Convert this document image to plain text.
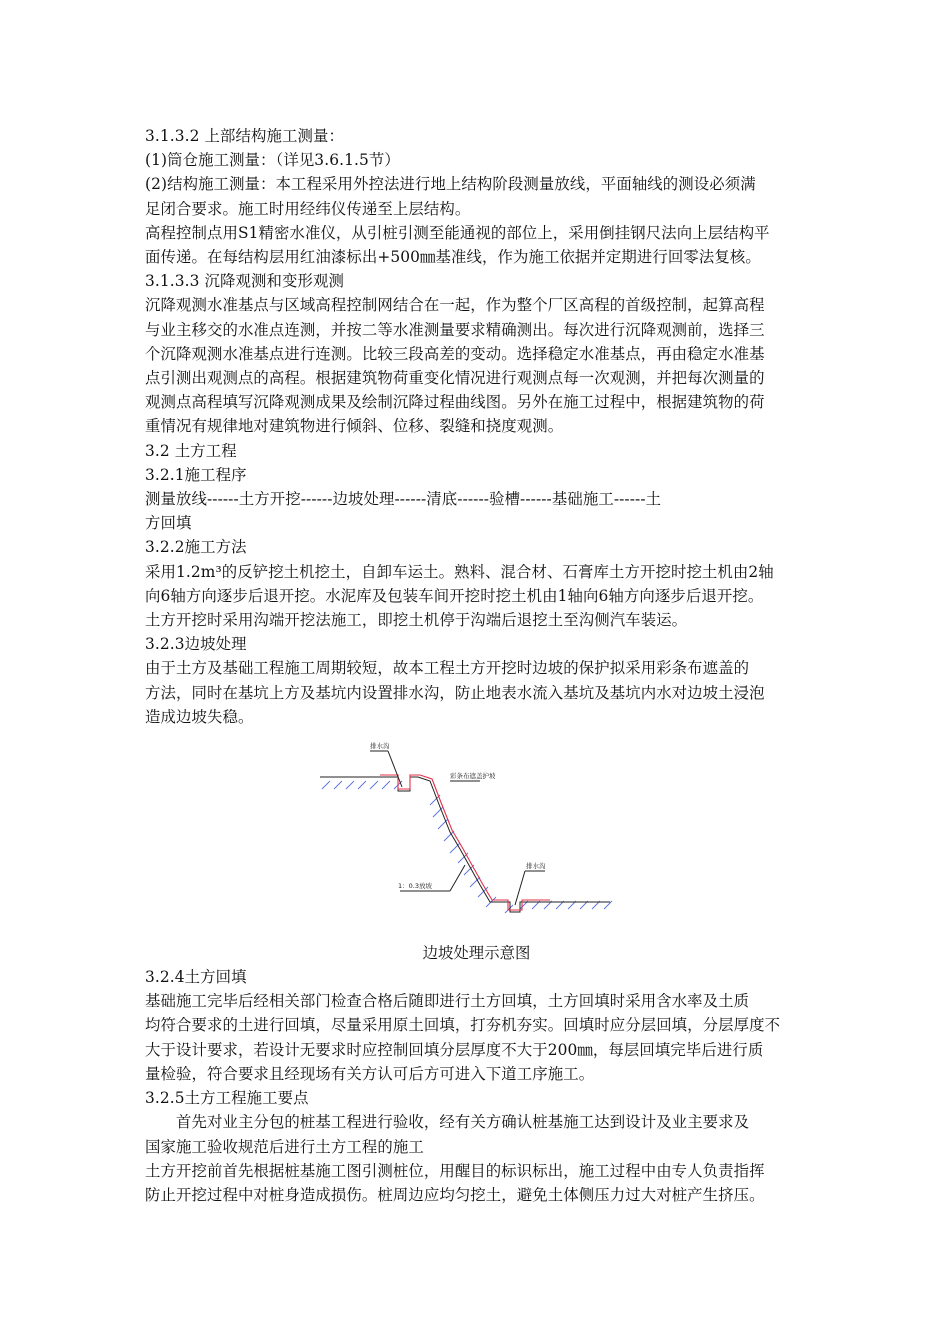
3.1.3.2 上部结构施工测量：
(1)筒仓施工测量：（详见3.6.1.5节）
(2)结构施工测量：本工程采用外控法进行地上结构阶段测量放线，平面轴线的测设必须满
足闭合要求。施工时用经纬仪传递至上层结构。
高程控制点用S1精密水准仪，从引桩引测至能通视的部位上，采用倒挂钢尺法向上层结构平
面传递。在每结构层用红油漆标出+500㎜基准线，作为施工依据并定期进行回零法复核。
3.1.3.3 沉降观测和变形观测
沉降观测水准基点与区域高程控制网结合在一起，作为整个厂区高程的首级控制，起算高程
与业主移交的水准点连测，并按二等水准测量要求精确测出。每次进行沉降观测前，选择三
个沉降观测水准基点进行连测。比较三段高差的变动。选择稳定水准基点，再由稳定水准基
点引测出观测点的高程。根据建筑物荷重变化情况进行观测点每一次观测，并把每次测量的
观测点高程填写沉降观测成果及绘制沉降过程曲线图。另外在施工过程中，根据建筑物的荷
重情况有规律地对建筑物进行倾斜、位移、裂缝和挠度观测。
3.2 土方工程
3.2.1施工程序
测量放线------土方开挖------边坡处理------清底------验槽------基础施工------土
方回填
3.2.2施工方法
采用1.2m³的反铲挖土机挖土，自卸车运土。熟料、混合材、石膏库土方开挖时挖土机由2轴
向6轴方向逐步后退开挖。水泥库及包装车间开挖时挖土机由1轴向6轴方向逐步后退开挖。
土方开挖时采用沟端开挖法施工，即挖土机停于沟端后退挖土至沟侧汽车装运。
3.2.3边坡处理
由于土方及基础工程施工周期较短，故本工程土方开挖时边坡的保护拟采用彩条布遮盖的
方法，同时在基坑上方及基坑内设置排水沟，防止地表水流入基坑及基坑内水对边坡土浸泡
造成边坡失稳。
排水沟
彩条布遮盖护坡
排水沟
1：0.3放坡
边坡处理示意图
3.2.4土方回填
基础施工完毕后经相关部门检查合格后随即进行土方回填，土方回填时采用含水率及土质
均符合要求的土进行回填，尽量采用原土回填，打夯机夯实。回填时应分层回填，分层厚度不
大于设计要求，若设计无要求时应控制回填分层厚度不大于200㎜，每层回填完毕后进行质
量检验，符合要求且经现场有关方认可后方可进入下道工序施工。
3.2.5土方工程施工要点
首先对业主分包的桩基工程进行验收，经有关方确认桩基施工达到设计及业主要求及
国家施工验收规范后进行土方工程的施工
土方开挖前首先根据桩基施工图引测桩位，用醒目的标识标出，施工过程中由专人负责指挥
防止开挖过程中对桩身造成损伤。桩周边应均匀挖土，避免土体侧压力过大对桩产生挤压。
